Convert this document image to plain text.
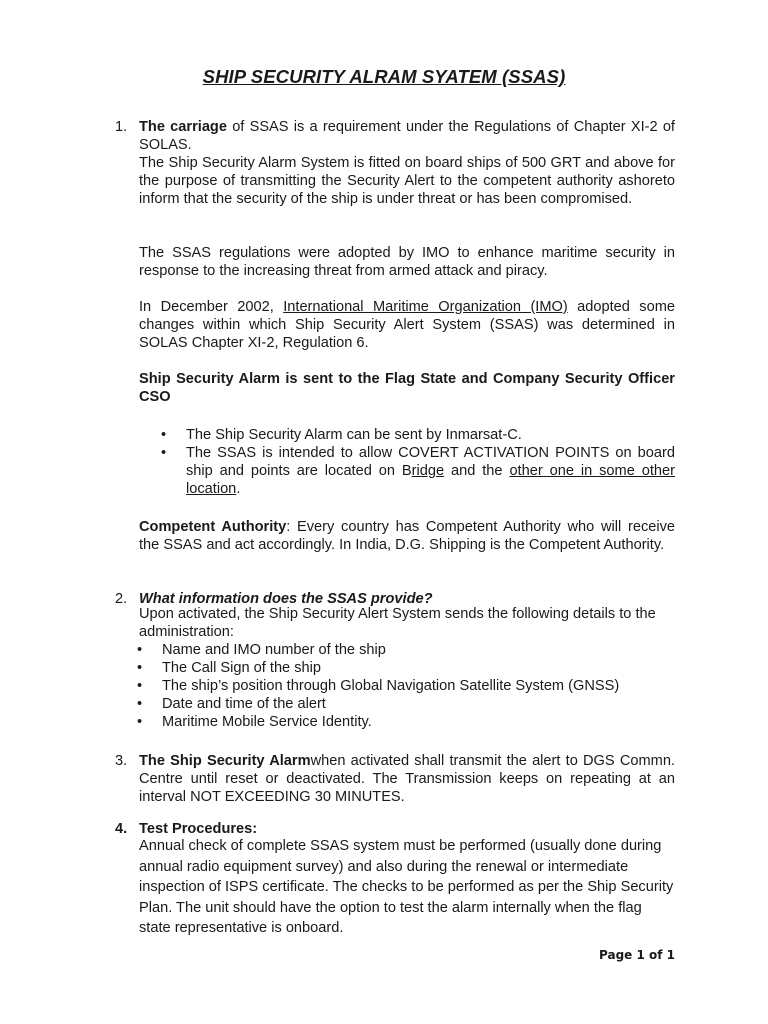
SHIP SECURITY ALRAM SYATEM (SSAS)
1. The carriage of SSAS is a requirement under the Regulations of Chapter XI-2 of SOLAS.

The Ship Security Alarm System is fitted on board ships of 500 GRT and above for the purpose of transmitting the Security Alert to the competent authority ashoreto inform that the security of the ship is under threat or has been compromised.

The SSAS regulations were adopted by IMO to enhance maritime security in response to the increasing threat from armed attack and piracy.

In December 2002, International Maritime Organization (IMO) adopted some changes within which Ship Security Alert System (SSAS) was determined in SOLAS Chapter XI-2, Regulation 6.

Ship Security Alarm is sent to the Flag State and Company Security Officer CSO

• The Ship Security Alarm can be sent by Inmarsat-C.
• The SSAS is intended to allow COVERT ACTIVATION POINTS on board ship and points are located on Bridge and the other one in some other location.

Competent Authority: Every country has Competent Authority who will receive the SSAS and act accordingly. In India, D.G. Shipping is the Competent Authority.

2. What information does the SSAS provide?

Upon activated, the Ship Security Alert System sends the following details to the administration:

• Name and IMO number of the ship
• The Call Sign of the ship
• The ship’s position through Global Navigation Satellite System (GNSS)
• Date and time of the alert
• Maritime Mobile Service Identity.
3. The Ship Security Alarmwhen activated shall transmit the alert to DGS Commn. Centre until reset or deactivated. The Transmission keeps on repeating at an interval NOT EXCEEDING 30 MINUTES.

4. Test Procedures:

Annual check of complete SSAS system must be performed (usually done during annual radio equipment survey) and also during the renewal or intermediate inspection of ISPS certificate. The checks to be performed as per the Ship Security Plan. The unit should have the option to test the alarm internally when the flag state representative is onboard.

Page 1 of 1
